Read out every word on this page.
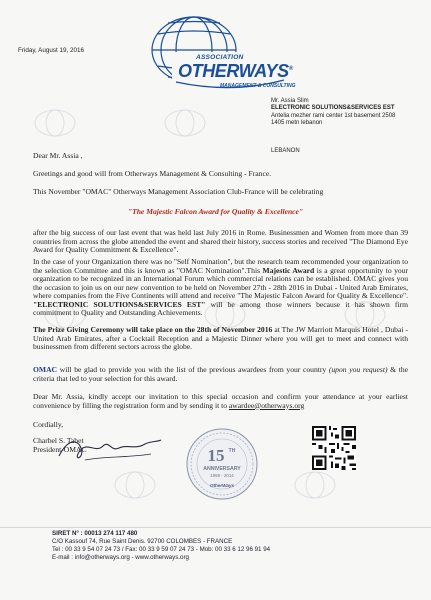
Friday, August 19, 2016
ASSOCIATION
OTHERWAYS®
MANAGEMENT & CONSULTING
Mr. Assia Slim
ELECTRONIC SOLUTIONS&SERVICES EST
Antelia mezher rami center 1st basement 2508
1405 metn lebanon
LEBANON
Dear Mr. Assia ,
Greetings and good will from Otherways Management & Consulting - France.
This November "OMAC" Otherways Management Association Club-France will be celebrating
"The Majestic Falcon Award for Quality & Excellence"
after the big success of our last event that was held last July 2016 in Rome. Businessmen and Women from more than 39 countries from across the globe attended the event and shared their history, success stories and received "The Diamond Eye Award for Quality Commitment & Excellence".
In the case of your Organization there was no "Self Nomination", but the research team recommended your organization to the selection Committee and this is known as "OMAC Nomination".This Majestic Award is a great opportunity to your organization to be recognized in an International Forum which commercial relations can be established. OMAC gives you the occasion to join us on our new convention to be held on November 27th - 28th 2016 in Dubai - United Arab Emirates, where companies from the Five Continents will attend and receive "The Majestic Falcon Award for Quality & Excellence". "ELECTRONIC SOLUTIONS&SERVICES EST" will be among those winners because it has shown firm commitment to Quality and Outstanding Achievements.
The Prize Giving Ceremony will take place on the 28th of November 2016 at The JW Marriott Marquis Hotel , Dubai - United Arab Emirates, after a Cocktail Reception and a Majestic Dinner where you will get to meet and connect with businessmen from different sectors across the globe.
OMAC will be glad to provide you with the list of the previous awardees from your country (upon you request) & the criteria that led to your selection for this award.
Dear Mr. Assia, kindly accept our invitation to this special occasion and confirm your attendance at your earliest convenience by filling the registration form and by sending it to awardee@otherways.org
Cordially,
Charbel S. Tabet
President-OMAC	15 TH
ANNIVERSARY
1999 - 2014
OtherWays
SIRET N° : 00013 274 117 480
C/O Kassouf 74, Rue Saint Denis. 92700 COLOMBES - FRANCE
Tel : 00 33 9 54 07 24 73 / Fax: 00 33 9 59 07 24 73 - Mob: 00 33 6 12 96 91 94
E-mail : info@otherways.org - www.otherways.org
